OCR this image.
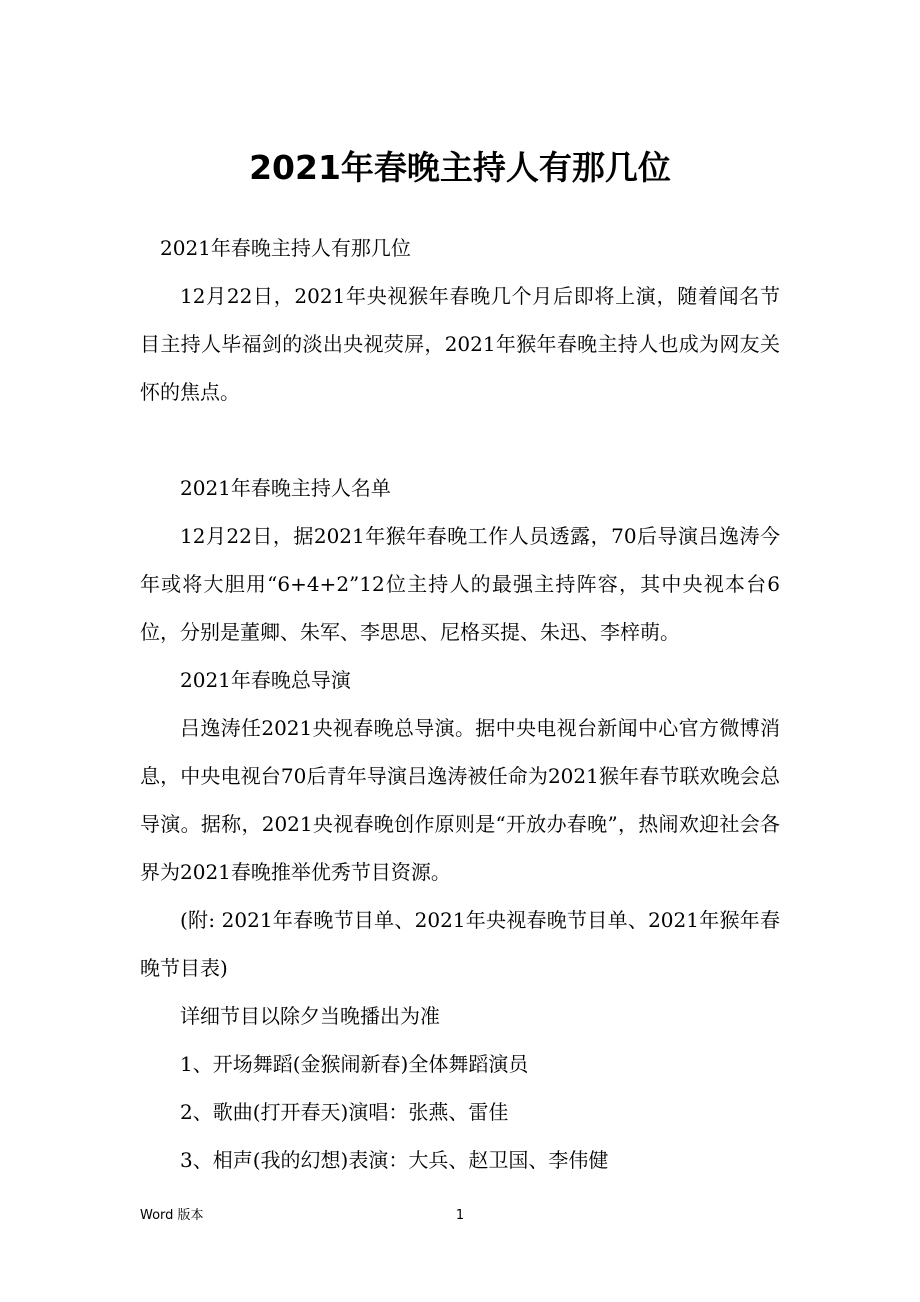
2021年春晚主持人有那几位

2021年春晚主持人有那几位

12月22日，2021年央视猴年春晚几个月后即将上演，随着闻名节目主持人毕福剑的淡出央视荧屏，2021年猴年春晚主持人也成为网友关怀的焦点。

2021年春晚主持人名单

12月22日，据2021年猴年春晚工作人员透露，70后导演吕逸涛今年或将大胆用“6+4+2”12位主持人的最强主持阵容，其中央视本台6位，分别是董卿、朱军、李思思、尼格买提、朱迅、李梓萌。

2021年春晚总导演

吕逸涛任2021央视春晚总导演。据中央电视台新闻中心官方微博消息，中央电视台70后青年导演吕逸涛被任命为2021猴年春节联欢晚会总导演。据称，2021央视春晚创作原则是“开放办春晚”，热闹欢迎社会各界为2021春晚推举优秀节目资源。

(附: 2021年春晚节目单、2021年央视春晚节目单、2021年猴年春晚节目表)

详细节目以除夕当晚播出为准

1、开场舞蹈(金猴闹新春)全体舞蹈演员

2、歌曲(打开春天)演唱：张燕、雷佳

3、相声(我的幻想)表演：大兵、赵卫国、李伟健

Word 版本	1
